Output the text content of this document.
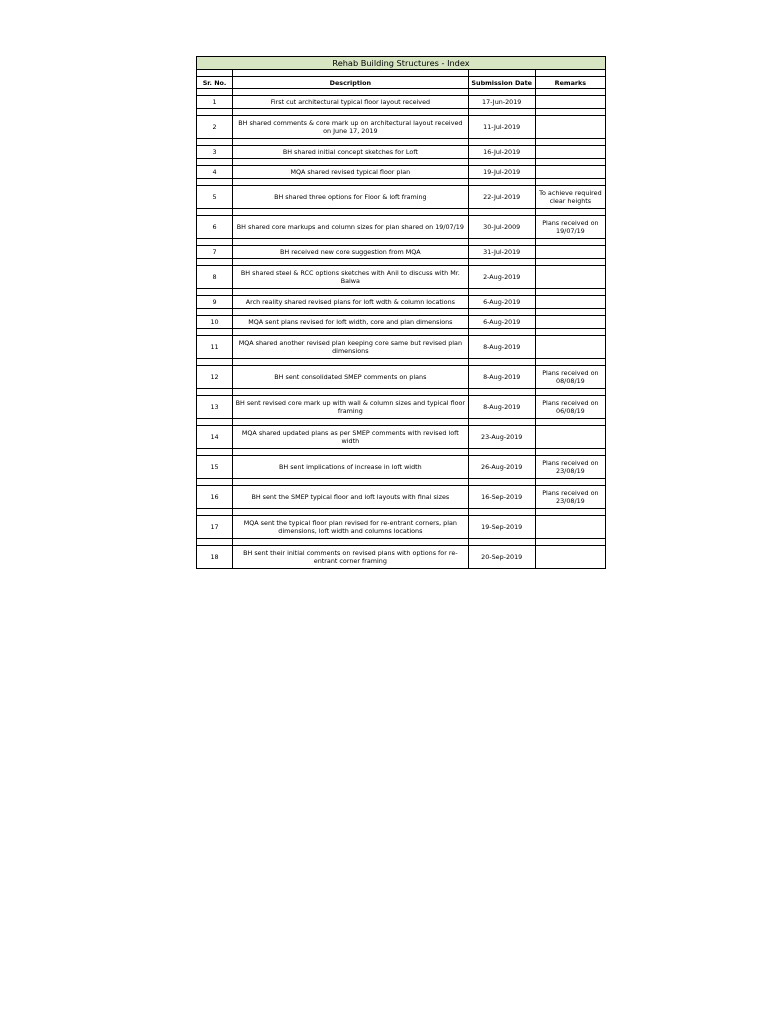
Rehab Building Structures - Index			

Sr. No.	Description	Submission Date	Remarks

1	First cut architectural typical floor layout received	17-Jun-2019	

2	BH shared comments & core mark up on architectural layout received on June 17, 2019	11-Jul-2019	

3	BH shared initial concept sketches for Loft	16-Jul-2019	

4	MQA shared revised typical floor plan	19-Jul-2019	

5	BH shared three options for Floor & loft framing	22-Jul-2019	To achieve required clear heights

6	BH shared core markups and column sizes for plan shared on 19/07/19	30-Jul-2009	Plans received on 19/07/19

7	BH received new core suggestion from MQA	31-Jul-2019	

8	BH shared steel & RCC options sketches with Anil to discuss with Mr. Balwa	2-Aug-2019	

9	Arch reality shared revised plans for loft wdth & column locations	6-Aug-2019	

10	MQA sent plans revised for loft width, core and plan dimensions	6-Aug-2019	

11	MQA shared another revised plan keeping core same but revised plan dimensions	8-Aug-2019	

12	BH sent consolidated SMEP comments on plans	8-Aug-2019	Plans received on 08/08/19

13	BH sent revised core mark up with wall & column sizes and typical floor framing	8-Aug-2019	Plans received on 06/08/19

14	MQA shared updated plans as per SMEP comments with revised loft width	23-Aug-2019	

15	BH sent implications of increase in loft width	26-Aug-2019	Plans received on 23/08/19

16	BH sent the SMEP typical floor and loft layouts with final sizes	16-Sep-2019	Plans received on 23/08/19

17	MQA sent the typical floor plan revised for re-entrant corners, plan dimensions, loft width and columns locations	19-Sep-2019	

18	BH sent their initial comments on revised plans with options for re-entrant corner framing	20-Sep-2019	
